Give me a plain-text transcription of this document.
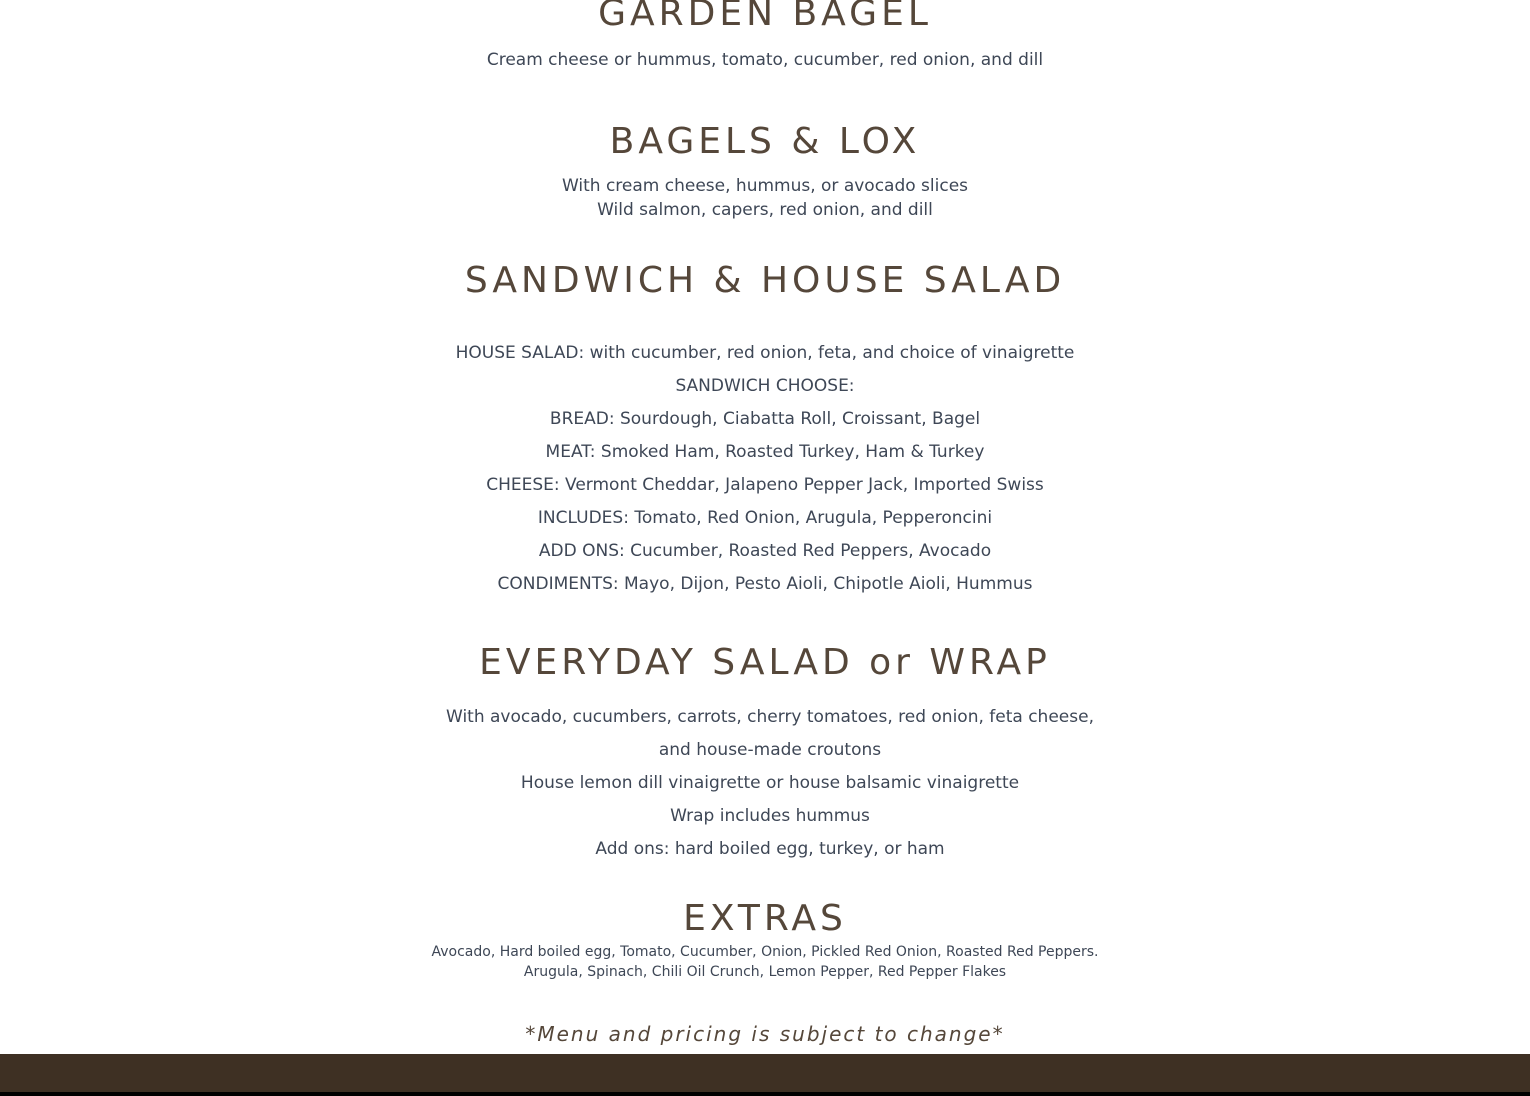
GARDEN BAGEL
Cream cheese or hummus, tomato, cucumber, red onion, and dill
BAGELS & LOX
With cream cheese, hummus, or avocado slices
Wild salmon, capers, red onion, and dill
SANDWICH & HOUSE SALAD
HOUSE SALAD: with cucumber, red onion, feta, and choice of vinaigrette
SANDWICH CHOOSE:
BREAD: Sourdough, Ciabatta Roll, Croissant, Bagel
MEAT: Smoked Ham, Roasted Turkey, Ham & Turkey
CHEESE: Vermont Cheddar, Jalapeno Pepper Jack, Imported Swiss
INCLUDES: Tomato, Red Onion, Arugula, Pepperoncini
ADD ONS: Cucumber, Roasted Red Peppers, Avocado
CONDIMENTS: Mayo, Dijon, Pesto Aioli, Chipotle Aioli, Hummus
EVERYDAY SALAD or WRAP
With avocado, cucumbers, carrots, cherry tomatoes, red onion, feta cheese,
and house-made croutons
House lemon dill vinaigrette or house balsamic vinaigrette
Wrap includes hummus
Add ons: hard boiled egg, turkey, or ham
EXTRAS
Avocado, Hard boiled egg, Tomato, Cucumber, Onion, Pickled Red Onion, Roasted Red Peppers.
Arugula, Spinach, Chili Oil Crunch, Lemon Pepper, Red Pepper Flakes
*Menu and pricing is subject to change*
